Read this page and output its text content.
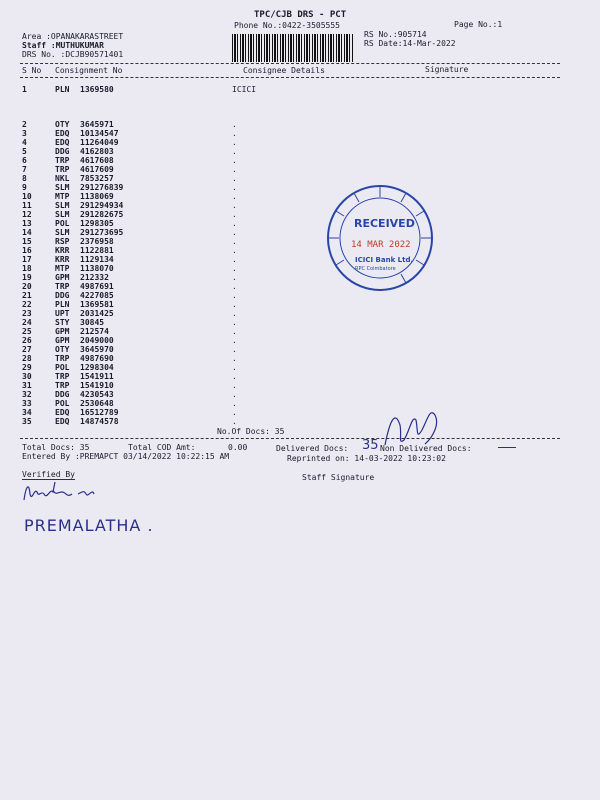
TPC/CJB DRS - PCT
Phone No.:0422-3505555	Page No.:1
RS No.:905714
RS Date:14-Mar-2022
Area :OPANAKARASTREET
Staff :MUTHUKUMAR
DRS No. :DCJB90571401
S No Consignment No	Consignee Details	Signature
1	PLN 1369580	ICICI
2	OTY 3645971	.
3	EDQ 10134547	.
4	EDQ 11264049	.
5	DDG 4162803	.
6	TRP 4617608	.
7	TRP 4617609	.
8	NKL 7853257	.
9	SLM 291276839	.
10	MTP 1138069	.
11	SLM 291294934	.
12	SLM 291282675	.
13	POL 1298305	.
14	SLM 291273695	.
15	RSP 2376958	.
16	KRR 1122881	.
17	KRR 1129134	.
18	MTP 1138070	.
19	GPM 212332	.
20	TRP 4987691	.
21	DDG 4227085	.
22	PLN 1369581	.
23	UPT 2031425	.
24	STY 30845	.
25	GPM 212574	.
26	GPM 2049000	.
27	OTY 3645970	.
28	TRP 4987690	.
29	POL 1298304	.
30	TRP 1541911	.
31	TRP 1541910	.
32	DDG 4230543	.
33	POL 2530648	.
34	EDQ 16512789	.
35	EDQ 14874578	.
RECEIVED
14 MAR 2022
ICICI Bank Ltd.
RPC Coimbatore
No.Of Docs: 35
Total Docs: 35	Total COD Amt:	0.00	Delivered Docs: 35 Non Delivered Docs:
Entered By :PREMAPCT 03/14/2022 10:22:15 AM	Reprinted on: 14-03-2022 10:23:02
Staff Signature
Verified By
PREMALATHA .
